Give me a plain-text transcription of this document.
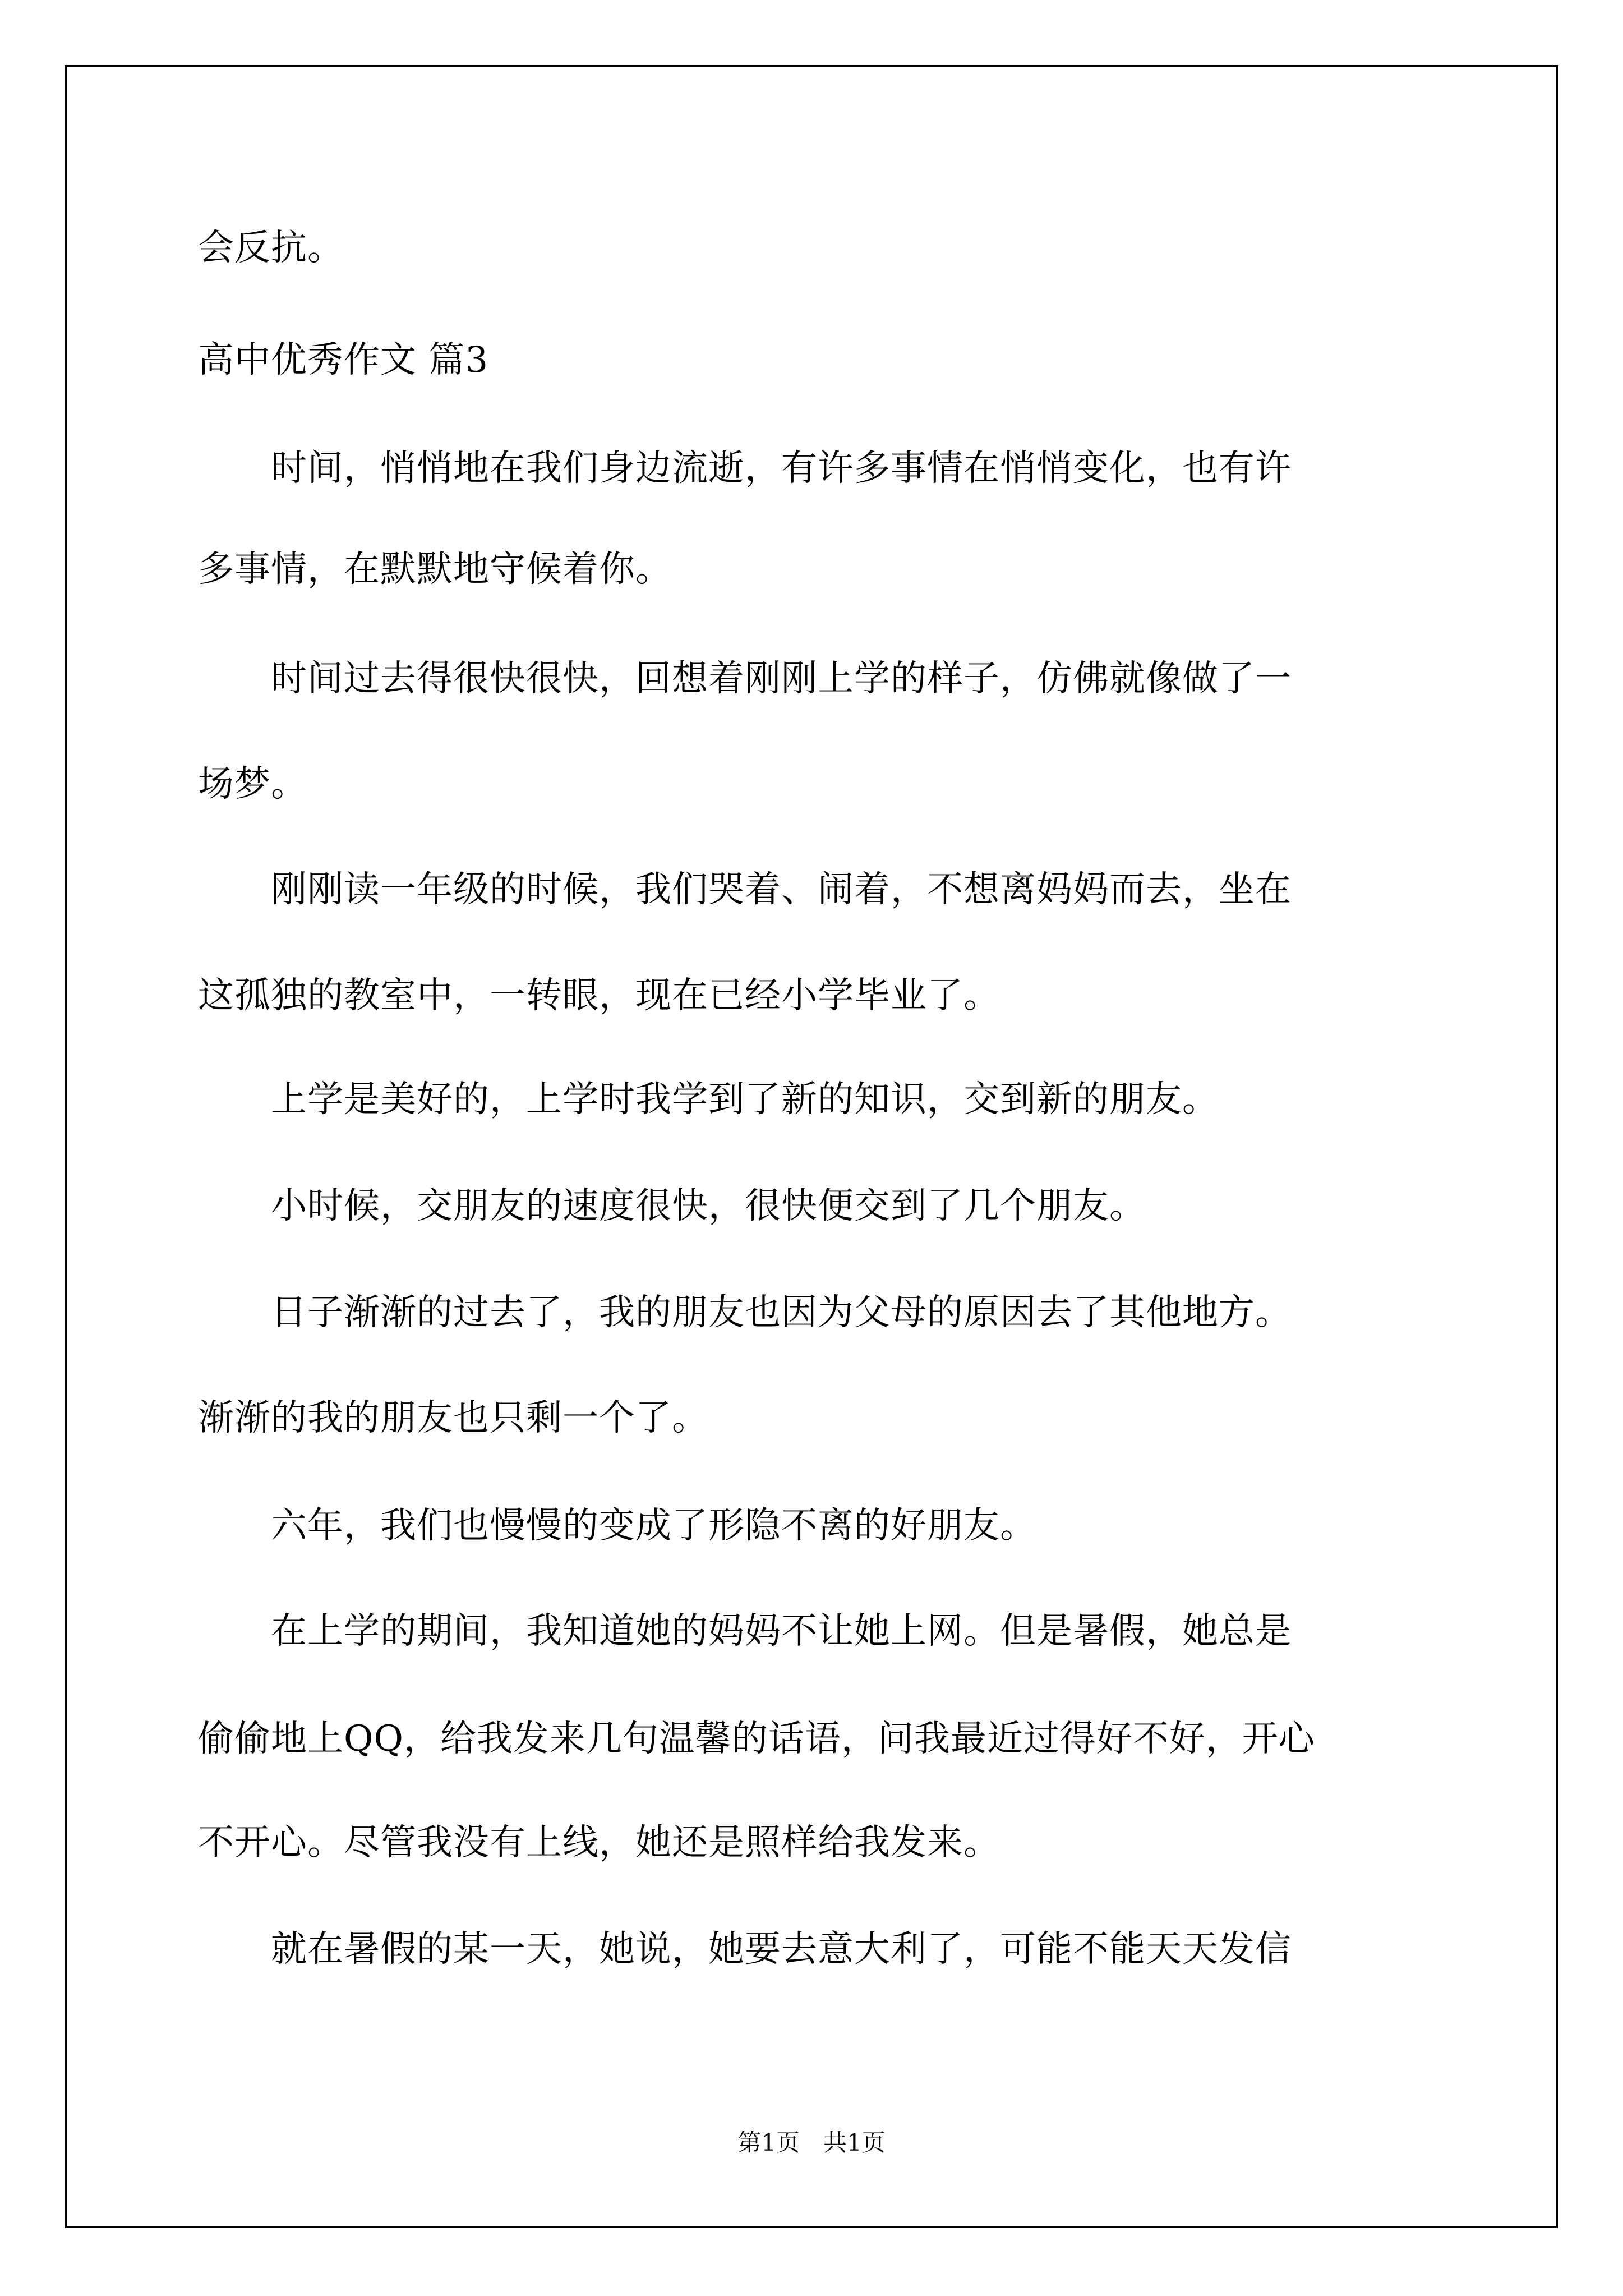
会反抗。
高中优秀作文 篇3
　　时间，悄悄地在我们身边流逝，有许多事情在悄悄变化，也有许
多事情，在默默地守候着你。
　　时间过去得很快很快，回想着刚刚上学的样子，仿佛就像做了一
场梦。
　　刚刚读一年级的时候，我们哭着、闹着，不想离妈妈而去，坐在
这孤独的教室中，一转眼，现在已经小学毕业了。
　　上学是美好的，上学时我学到了新的知识，交到新的朋友。
　　小时候，交朋友的速度很快，很快便交到了几个朋友。
　　日子渐渐的过去了，我的朋友也因为父母的原因去了其他地方。
渐渐的我的朋友也只剩一个了。
　　六年，我们也慢慢的变成了形隐不离的好朋友。
　　在上学的期间，我知道她的妈妈不让她上网。但是暑假，她总是
偷偷地上QQ，给我发来几句温馨的话语，问我最近过得好不好，开心
不开心。尽管我没有上线，她还是照样给我发来。
　　就在暑假的某一天，她说，她要去意大利了，可能不能天天发信
第1页　共1页
